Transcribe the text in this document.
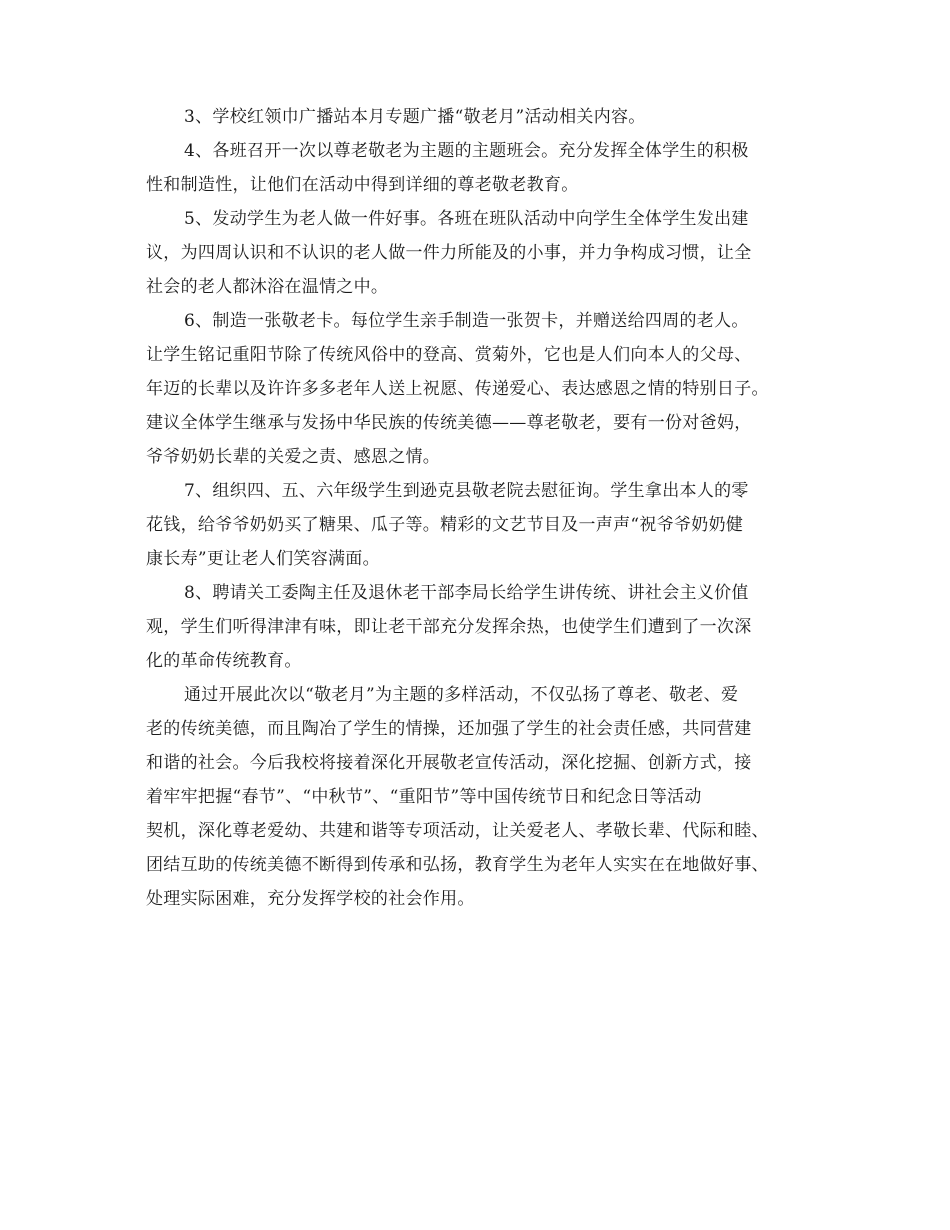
3、学校红领巾广播站本月专题广播“敬老月”活动相关内容。

4、各班召开一次以尊老敬老为主题的主题班会。充分发挥全体学生的积极
性和制造性，让他们在活动中得到详细的尊老敬老教育。

5、发动学生为老人做一件好事。各班在班队活动中向学生全体学生发出建
议，为四周认识和不认识的老人做一件力所能及的小事，并力争构成习惯，让全
社会的老人都沐浴在温情之中。

6、制造一张敬老卡。每位学生亲手制造一张贺卡，并赠送给四周的老人。
让学生铭记重阳节除了传统风俗中的登高、赏菊外，它也是人们向本人的父母、
年迈的长辈以及许许多多老年人送上祝愿、传递爱心、表达感恩之情的特别日子。
建议全体学生继承与发扬中华民族的传统美德——尊老敬老，要有一份对爸妈，
爷爷奶奶长辈的关爱之责、感恩之情。

7、组织四、五、六年级学生到逊克县敬老院去慰征询。学生拿出本人的零
花钱，给爷爷奶奶买了糖果、瓜子等。精彩的文艺节目及一声声“祝爷爷奶奶健
康长寿”更让老人们笑容满面。

8、聘请关工委陶主任及退休老干部李局长给学生讲传统、讲社会主义价值
观，学生们听得津津有味，即让老干部充分发挥余热，也使学生们遭到了一次深
化的革命传统教育。

通过开展此次以“敬老月”为主题的多样活动，不仅弘扬了尊老、敬老、爱
老的传统美德，而且陶冶了学生的情操，还加强了学生的社会责任感，共同营建
和谐的社会。今后我校将接着深化开展敬老宣传活动，深化挖掘、创新方式，接
着牢牢把握“春节”、“中秋节”、“重阳节”等中国传统节日和纪念日等活动
契机，深化尊老爱幼、共建和谐等专项活动，让关爱老人、孝敬长辈、代际和睦、
团结互助的传统美德不断得到传承和弘扬，教育学生为老年人实实在在地做好事、
处理实际困难，充分发挥学校的社会作用。
